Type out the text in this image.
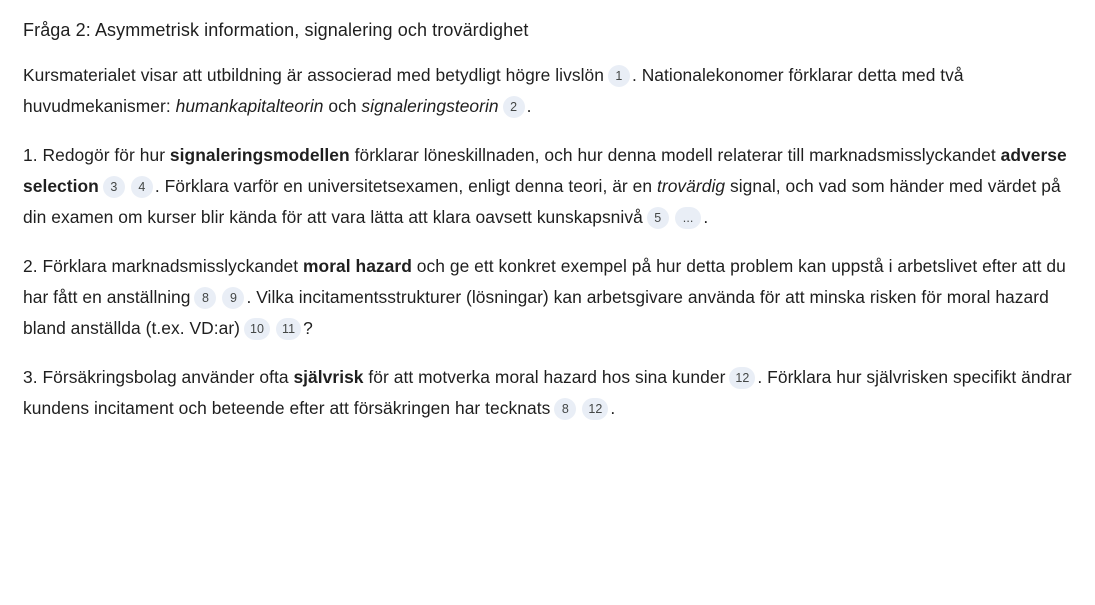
Fråga 2: Asymmetrisk information, signalering och trovärdighet

Kursmaterialet visar att utbildning är associerad med betydligt högre livslön 1 . Nationalekonomer förklarar detta med två huvudmekanismer: humankapitalteorin och signaleringsteorin 2 .

1. Redogör för hur signaleringsmodellen förklarar löneskillnaden, och hur denna modell relaterar till marknadsmisslyckandet adverse selection 3 4 . Förklara varför en universitetsexamen, enligt denna teori, är en trovärdig signal, och vad som händer med värdet på din examen om kurser blir kända för att vara lätta att klara oavsett kunskapsnivå 5 ... .

2. Förklara marknadsmisslyckandet moral hazard och ge ett konkret exempel på hur detta problem kan uppstå i arbetslivet efter att du har fått en anställning 8 9 . Vilka incitamentsstrukturer (lösningar) kan arbetsgivare använda för att minska risken för moral hazard bland anställda (t.ex. VD:ar) 10 11 ?

3. Försäkringsbolag använder ofta självrisk för att motverka moral hazard hos sina kunder 12 . Förklara hur självrisken specifikt ändrar kundens incitament och beteende efter att försäkringen har tecknats 8 12 .
